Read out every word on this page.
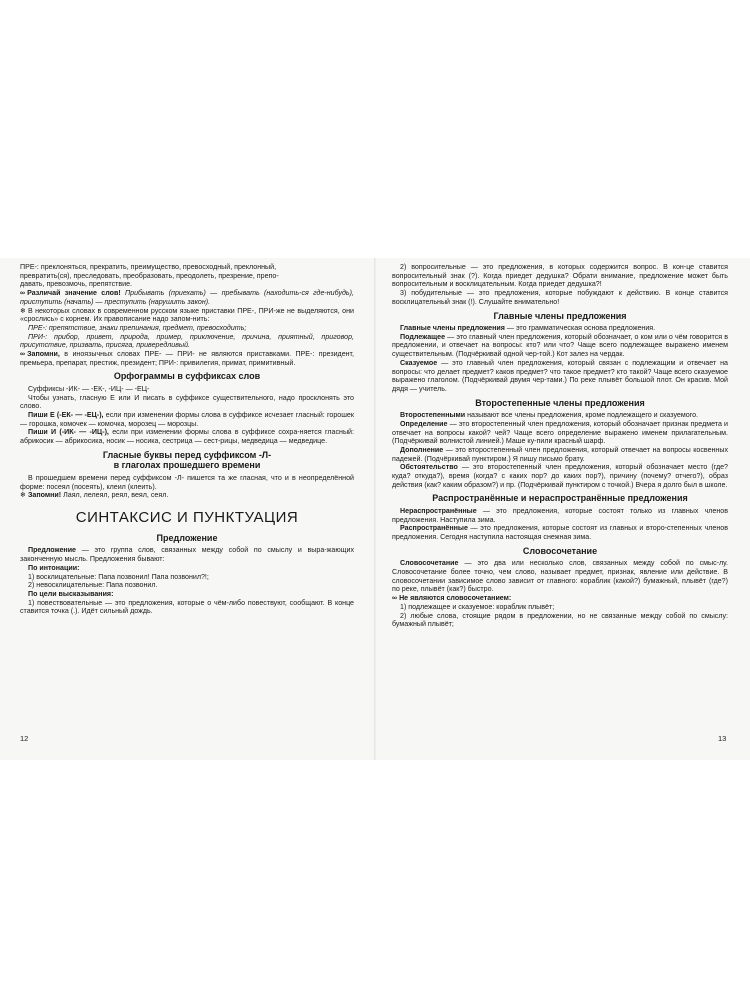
ПРЕ-: преклоняться, прекратить, преимущество, превосходный, преклонный,

превратить(ся), преследовать, преобразовать, преодолеть, презрение, препо-

давать, превозмочь, препятствие.

∞ Различай значение слов! Прибывать (приехать) — пребывать (находить-ся где-нибудь), приступить (начать) — преступить (нарушить закон).

❄ В некоторых словах в современном русском языке приставки ПРЕ-, ПРИ-же не выделяются, они «срослись» с корнем. Их правописание надо запом-нить:

ПРЕ-: препятствие, знаки препинания, предмет, превосходить;

ПРИ-: прибор, привет, природа, пример, приключение, причина, приятный, приговор, присутствие, призвать, присяга, привередливый.

∞ Запомни, в иноязычных словах ПРЕ- — ПРИ- не являются приставками. ПРЕ-: президент, премьера, препарат, престиж, президент; ПРИ-: привилегия, примат, примитивный.

Орфограммы в суффиксах слов

Суффиксы -ИК- — -ЕК-, -ИЦ- — -ЕЦ-

Чтобы узнать, гласную Е или И писать в суффиксе существительного, надо просклонять это слово.

Пиши Е (-ЕК- — -ЕЦ-), если при изменении формы слова в суффиксе исчезает гласный: горошек — горошка, комочек — комочка, морозец — морозцы.

Пиши И (-ИК- — -ИЦ-), если при изменении формы слова в суффиксе сохра-няется гласный: абрикосик — абрикосика, носик — носика, сестрица — сест-рицы, медведица — медведице.

Гласные буквы перед суффиксом -Л-
в глаголах прошедшего времени

В прошедшем времени перед суффиксом -Л- пишется та же гласная, что и в неопределённой форме: посеял (посеять), клеил (клеить).

❄ Запомни! Лаял, лелеял, реял, веял, сеял.

СИНТАКСИС И ПУНКТУАЦИЯ
Предложение

Предложение — это группа слов, связанных между собой по смыслу и выра-жающих законченную мысль. Предложения бывают:

По интонации:

1) восклицательные: Папа позвонил! Папа позвонил?!;

2) невосклицательные: Папа позвонил.

По цели высказывания:

1) повествовательные — это предложения, которые о чём-либо повествуют, сообщают. В конце ставится точка (.). Идёт сильный дождь.

12

2) вопросительные — это предложения, в которых содержится вопрос. В кон-це ставится вопросительный знак (?). Когда приедет дедушка? Обрати внимание, предложение может быть вопросительным и восклицательным. Когда приедет дедушка?!

3) побудительные — это предложения, которые побуждают к действию. В конце ставится восклицательный знак (!). Слушайте внимательно!

Главные члены предложения

Главные члены предложения — это грамматическая основа предложения.

Подлежащее — это главный член предложения, который обозначает, о ком или о чём говорится в предложении, и отвечает на вопросы: кто? или что? Чаще всего подлежащее выражено именем существительным. (Подчёркивай одной чер-той.) Кот залез на чердак.

Сказуемое — это главный член предложения, который связан с подлежащим и отвечает на вопросы: что делает предмет? каков предмет? что такое предмет? кто такой? Чаще всего сказуемое выражено глаголом. (Подчёркивай двумя чер-тами.) По реке плывёт большой плот. Он красив. Мой дядя — учитель.

Второстепенные члены предложения

Второстепенными называют все члены предложения, кроме подлежащего и сказуемого.

Определение — это второстепенный член предложения, который обозначает признак предмета и отвечает на вопросы какой? чей? Чаще всего определение выражено именем прилагательным. (Подчёркивай волнистой линией.) Маше ку-пили красный шарф.

Дополнение — это второстепенный член предложения, который отвечает на вопросы косвенных падежей. (Подчёркивай пунктиром.) Я пишу письмо брату.

Обстоятельство — это второстепенный член предложения, который обозначает место (где? куда? откуда?), время (когда? с каких пор? до каких пор?), причину (почему? отчего?), образ действия (как? каким образом?) и пр. (Подчёркивай пунктиром с точкой.) Вчера я долго был в школе.

Распространённые и нераспространённые предложения

Нераспространённые — это предложения, которые состоят только из главных членов предложения. Наступила зима.

Распространённые — это предложения, которые состоят из главных и второ-степенных членов предложения. Сегодня наступила настоящая снежная зима.

Словосочетание

Словосочетание — это два или несколько слов, связанных между собой по смыс-лу. Словосочетание более точно, чем слово, называет предмет, признак, явление или действие. В словосочетании зависимое слово зависит от главного: кораблик (какой?) бумажный, плывёт (где?) по реке, плывёт (как?) быстро.

∞ Не являются словосочетанием:

1) подлежащее и сказуемое: кораблик плывёт;

2) любые слова, стоящие рядом в предложении, но не связанные между собой по смыслу: бумажный плывёт;

13
